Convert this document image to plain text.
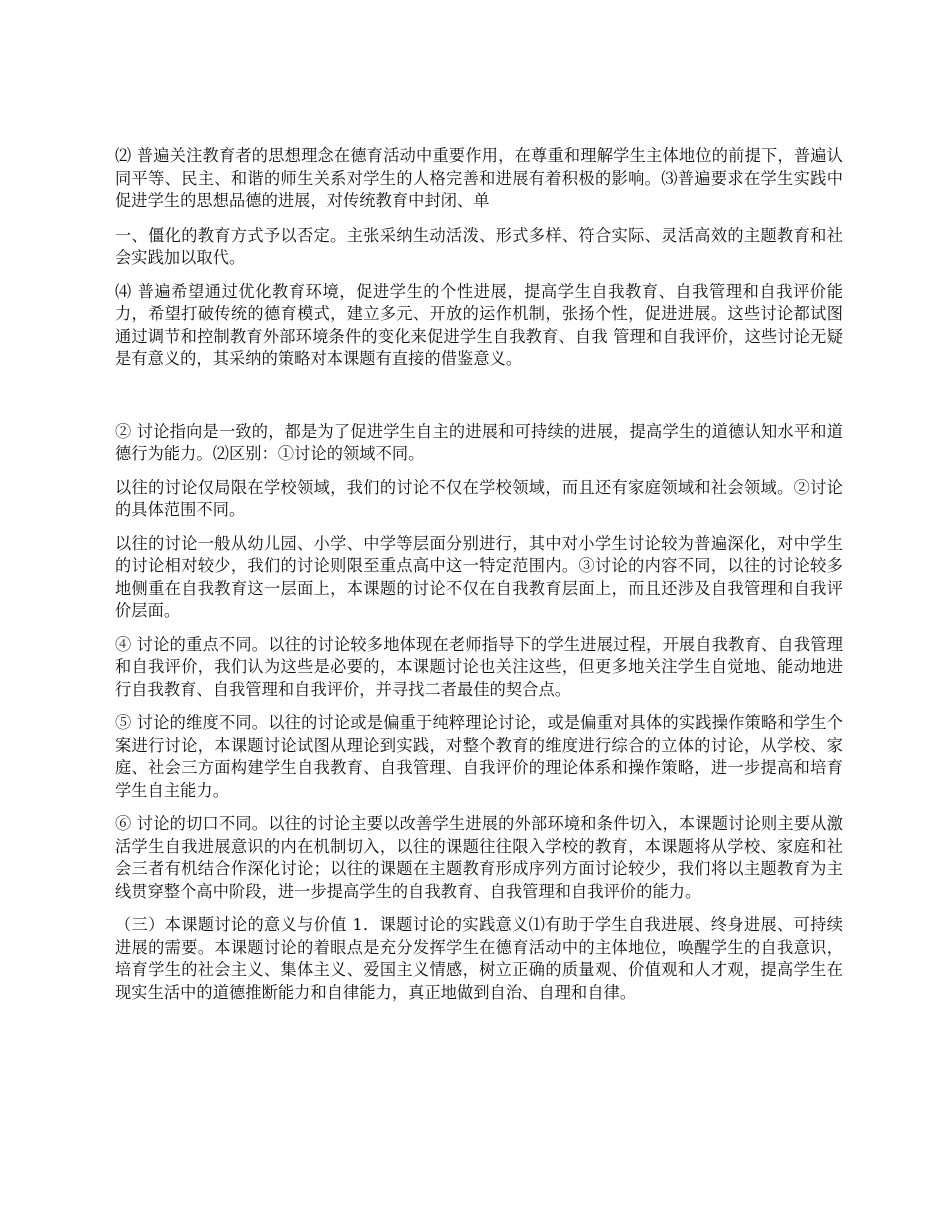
⑵ 普遍关注教育者的思想理念在德育活动中重要作用，在尊重和理解学生主体地位的前提下，普遍认同平等、民主、和谐的师生关系对学生的人格完善和进展有着积极的影响。⑶普遍要求在学生实践中促进学生的思想品德的进展，对传统教育中封闭、单

一、僵化的教育方式予以否定。主张采纳生动活泼、形式多样、符合实际、灵活高效的主题教育和社会实践加以取代。

⑷ 普遍希望通过优化教育环境，促进学生的个性进展，提高学生自我教育、自我管理和自我评价能力，希望打破传统的德育模式，建立多元、开放的运作机制，张扬个性，促进进展。这些讨论都试图通过调节和控制教育外部环境条件的变化来促进学生自我教育、自我 管理和自我评价，这些讨论无疑是有意义的，其采纳的策略对本课题有直接的借鉴意义。

② 讨论指向是一致的，都是为了促进学生自主的进展和可持续的进展，提高学生的道德认知水平和道德行为能力。⑵区别：①讨论的领域不同。

以往的讨论仅局限在学校领域，我们的讨论不仅在学校领域，而且还有家庭领域和社会领域。②讨论的具体范围不同。

以往的讨论一般从幼儿园、小学、中学等层面分别进行，其中对小学生讨论较为普遍深化，对中学生的讨论相对较少，我们的讨论则限至重点高中这一特定范围内。③讨论的内容不同，以往的讨论较多地侧重在自我教育这一层面上，本课题的讨论不仅在自我教育层面上，而且还涉及自我管理和自我评价层面。

④ 讨论的重点不同。以往的讨论较多地体现在老师指导下的学生进展过程，开展自我教育、自我管理和自我评价，我们认为这些是必要的，本课题讨论也关注这些，但更多地关注学生自觉地、能动地进行自我教育、自我管理和自我评价，并寻找二者最佳的契合点。

⑤ 讨论的维度不同。以往的讨论或是偏重于纯粹理论讨论，或是偏重对具体的实践操作策略和学生个案进行讨论，本课题讨论试图从理论到实践，对整个教育的维度进行综合的立体的讨论，从学校、家庭、社会三方面构建学生自我教育、自我管理、自我评价的理论体系和操作策略，进一步提高和培育学生自主能力。

⑥ 讨论的切口不同。以往的讨论主要以改善学生进展的外部环境和条件切入，本课题讨论则主要从激活学生自我进展意识的内在机制切入，以往的课题往往限入学校的教育，本课题将从学校、家庭和社会三者有机结合作深化讨论；以往的课题在主题教育形成序列方面讨论较少，我们将以主题教育为主线贯穿整个高中阶段，进一步提高学生的自我教育、自我管理和自我评价的能力。

（三）本课题讨论的意义与价值 1．课题讨论的实践意义⑴有助于学生自我进展、终身进展、可持续进展的需要。本课题讨论的着眼点是充分发挥学生在德育活动中的主体地位，唤醒学生的自我意识，培育学生的社会主义、集体主义、爱国主义情感，树立正确的质量观、价值观和人才观，提高学生在现实生活中的道德推断能力和自律能力，真正地做到自治、自理和自律。
